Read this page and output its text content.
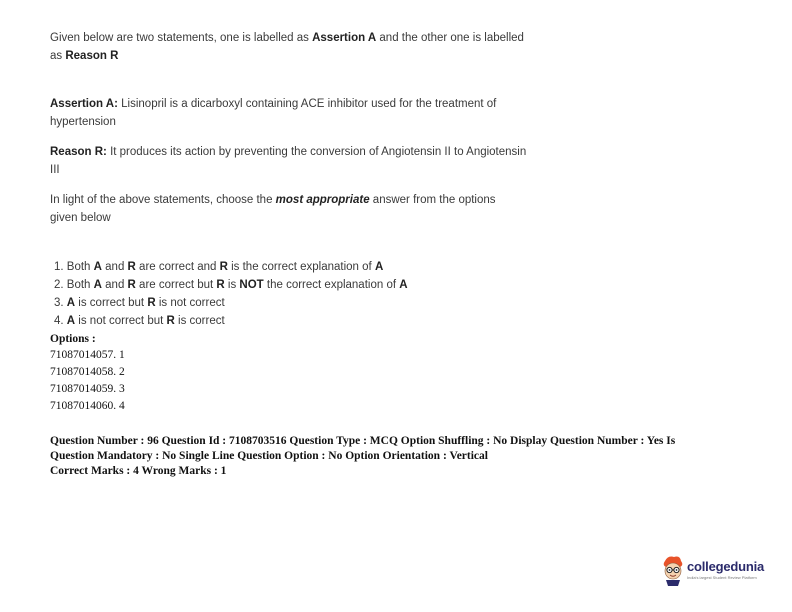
Given below are two statements, one is labelled as Assertion A and the other one is labelled
as Reason R
Assertion A: Lisinopril is a dicarboxyl containing ACE inhibitor used for the treatment of
hypertension
Reason R: It produces its action by preventing the conversion of Angiotensin II to Angiotensin
III
In light of the above statements, choose the most appropriate answer from the options
given below
1. Both A and R are correct and R is the correct explanation of A
2. Both A and R are correct but R is NOT the correct explanation of A
3. A is correct but R is not correct
4. A is not correct but R is correct
Options :
71087014057. 1
71087014058. 2
71087014059. 3
71087014060. 4
Question Number : 96 Question Id : 7108703516 Question Type : MCQ Option Shuffling : No Display Question Number : Yes Is
Question Mandatory : No Single Line Question Option : No Option Orientation : Vertical
Correct Marks : 4 Wrong Marks : 1
collegedunia
India's largest Student Review Platform
